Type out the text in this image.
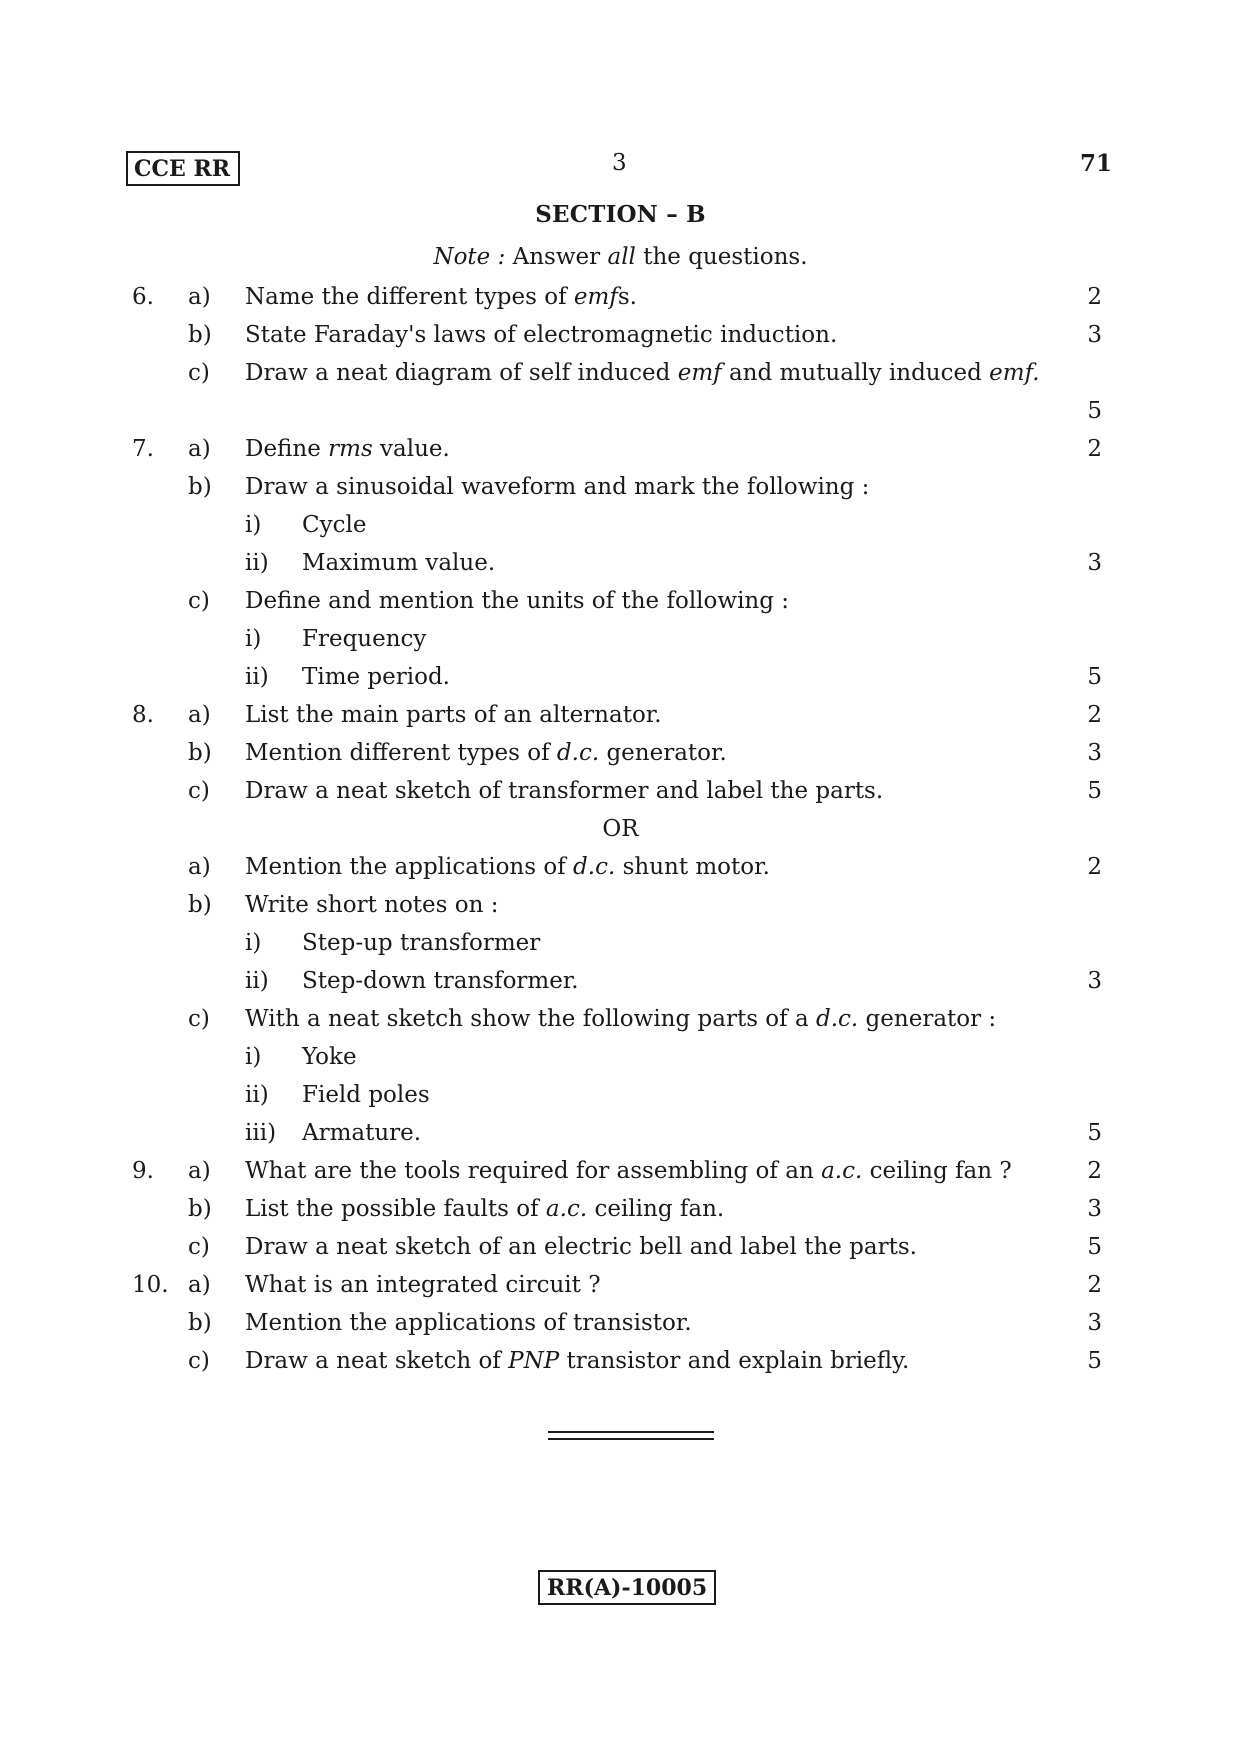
CCE RR	3	71
SECTION – B
Note : Answer all the questions.
6. a) Name the different types of emfs.	2
b) State Faraday's laws of electromagnetic induction.	3
c) Draw a neat diagram of self induced emf and mutually induced emf.
5
7. a) Define rms value.	2
b) Draw a sinusoidal waveform and mark the following :
i) Cycle
ii) Maximum value.	3
c) Define and mention the units of the following :
i) Frequency
ii) Time period.	5
8. a) List the main parts of an alternator.	2
b) Mention different types of d.c. generator.	3
c) Draw a neat sketch of transformer and label the parts.	5
OR
a) Mention the applications of d.c. shunt motor.	2
b) Write short notes on :
i) Step-up transformer
ii) Step-down transformer.	3
c) With a neat sketch show the following parts of a d.c. generator :
i) Yoke
ii) Field poles
iii) Armature.	5
9. a) What are the tools required for assembling of an a.c. ceiling fan ?	2
b) List the possible faults of a.c. ceiling fan.	3
c) Draw a neat sketch of an electric bell and label the parts.	5
10. a) What is an integrated circuit ?	2
b) Mention the applications of transistor.	3
c) Draw a neat sketch of PNP transistor and explain briefly.	5
RR(A)-10005
